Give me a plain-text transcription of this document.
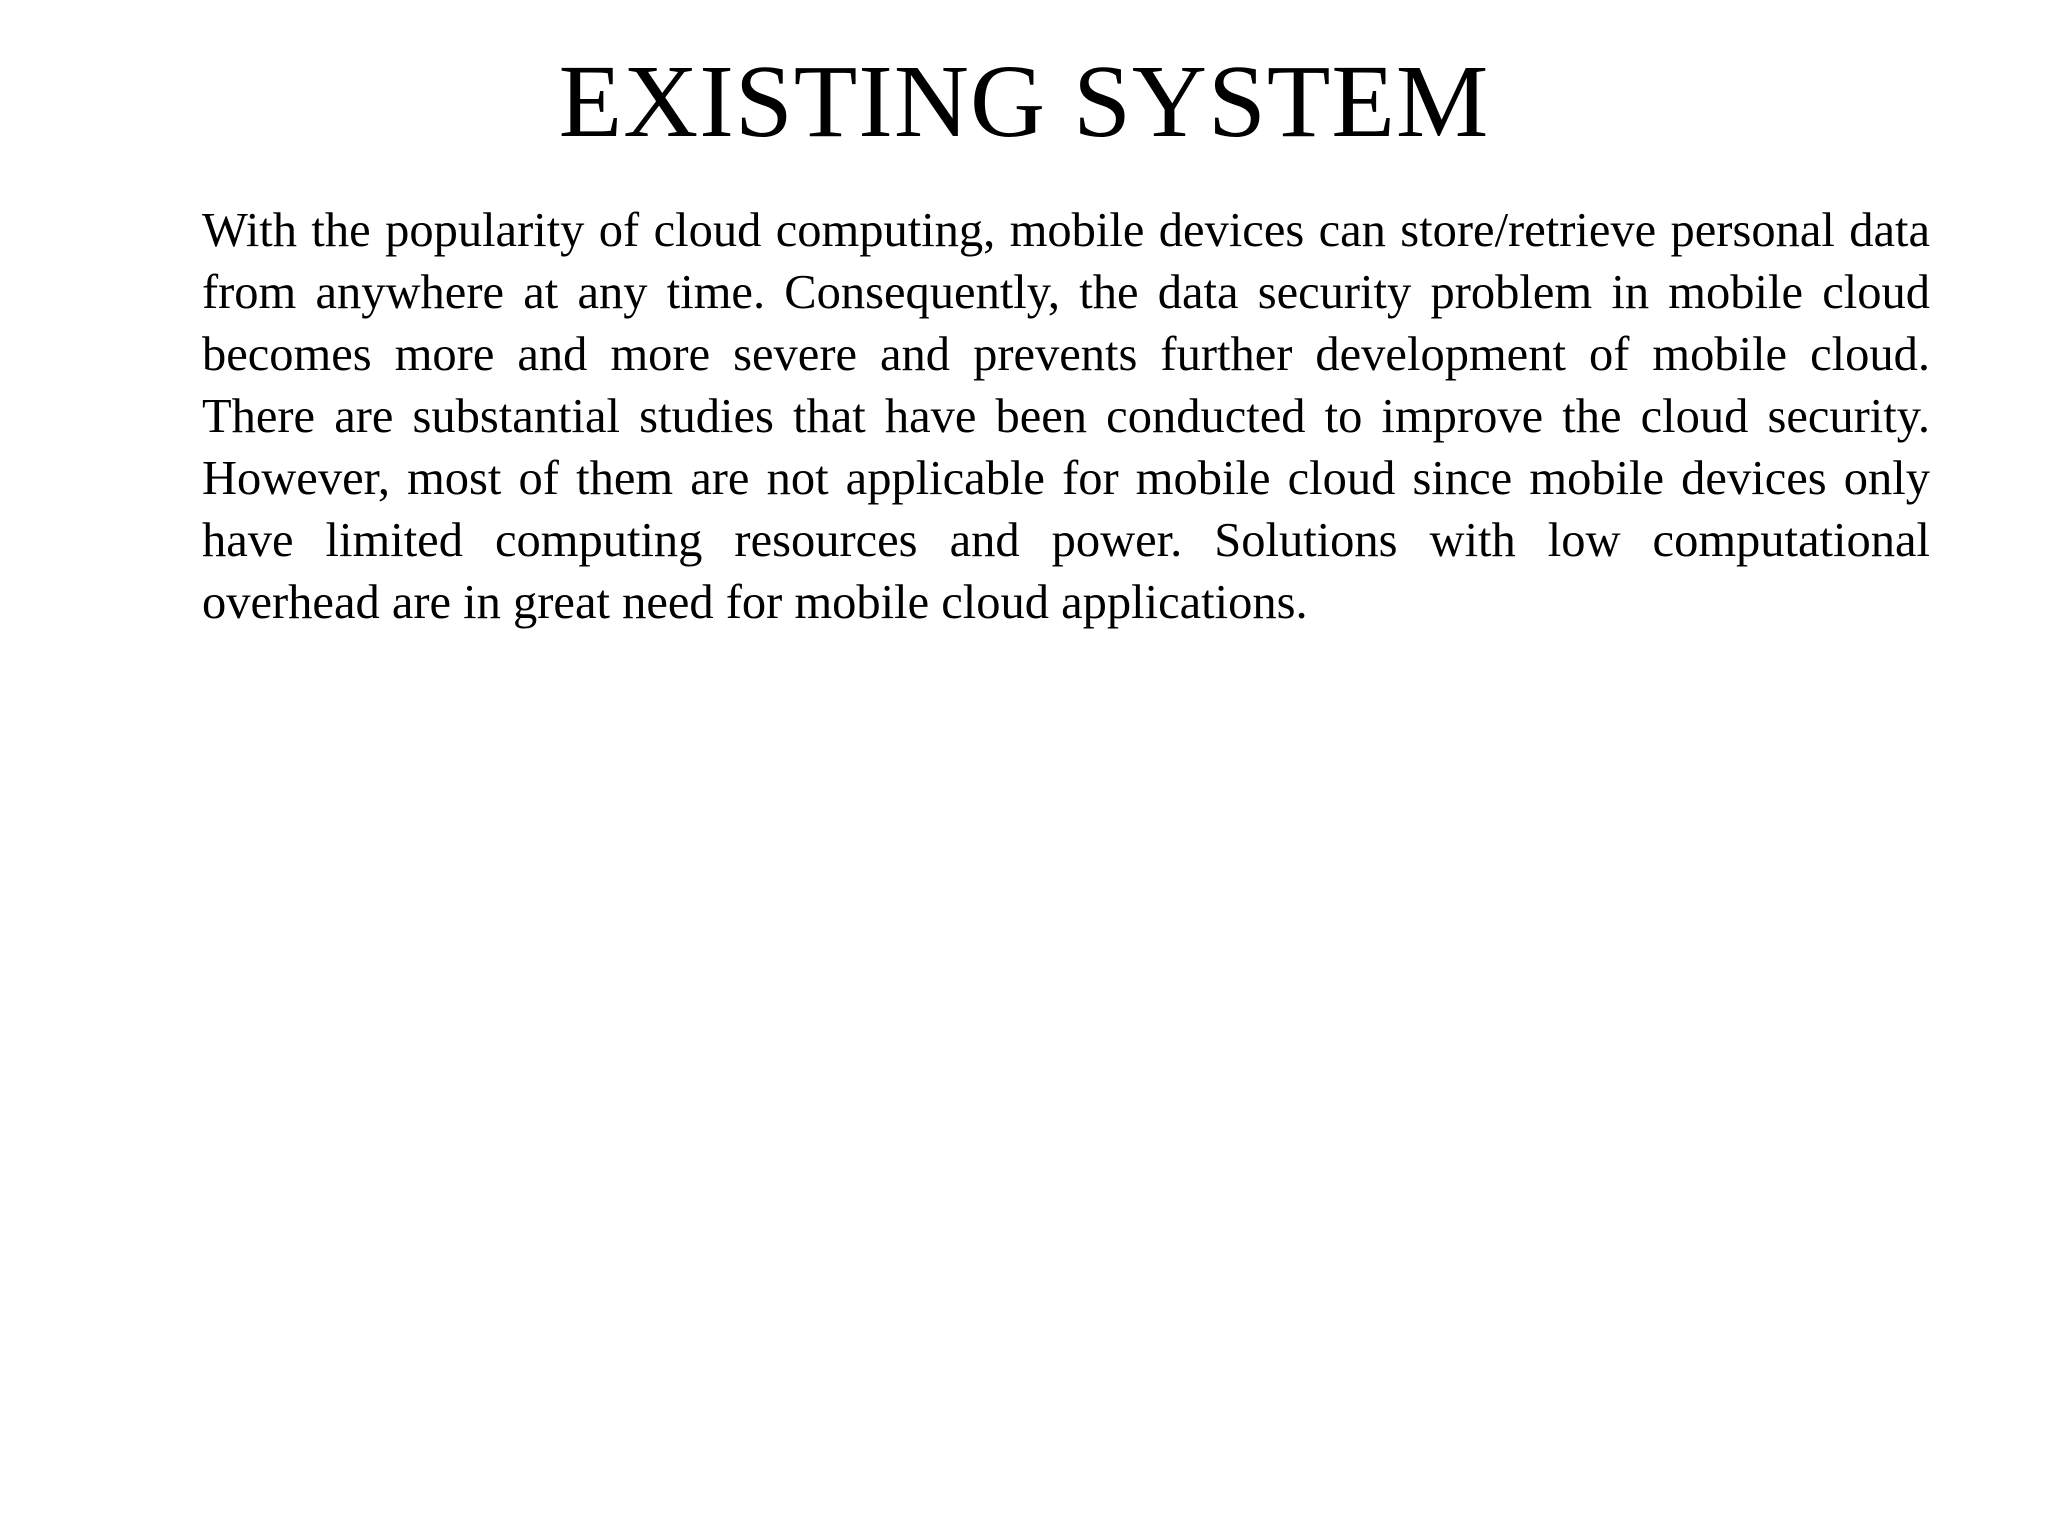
EXISTING SYSTEM

With the popularity of cloud computing, mobile devices can store/retrieve personal data from anywhere at any time. Consequently, the data security problem in mobile cloud becomes more and more severe and prevents further development of mobile cloud. There are substantial studies that have been conducted to improve the cloud security. However, most of them are not applicable for mobile cloud since mobile devices only have limited computing resources and power. Solutions with low computational overhead are in great need for mobile cloud applications.
